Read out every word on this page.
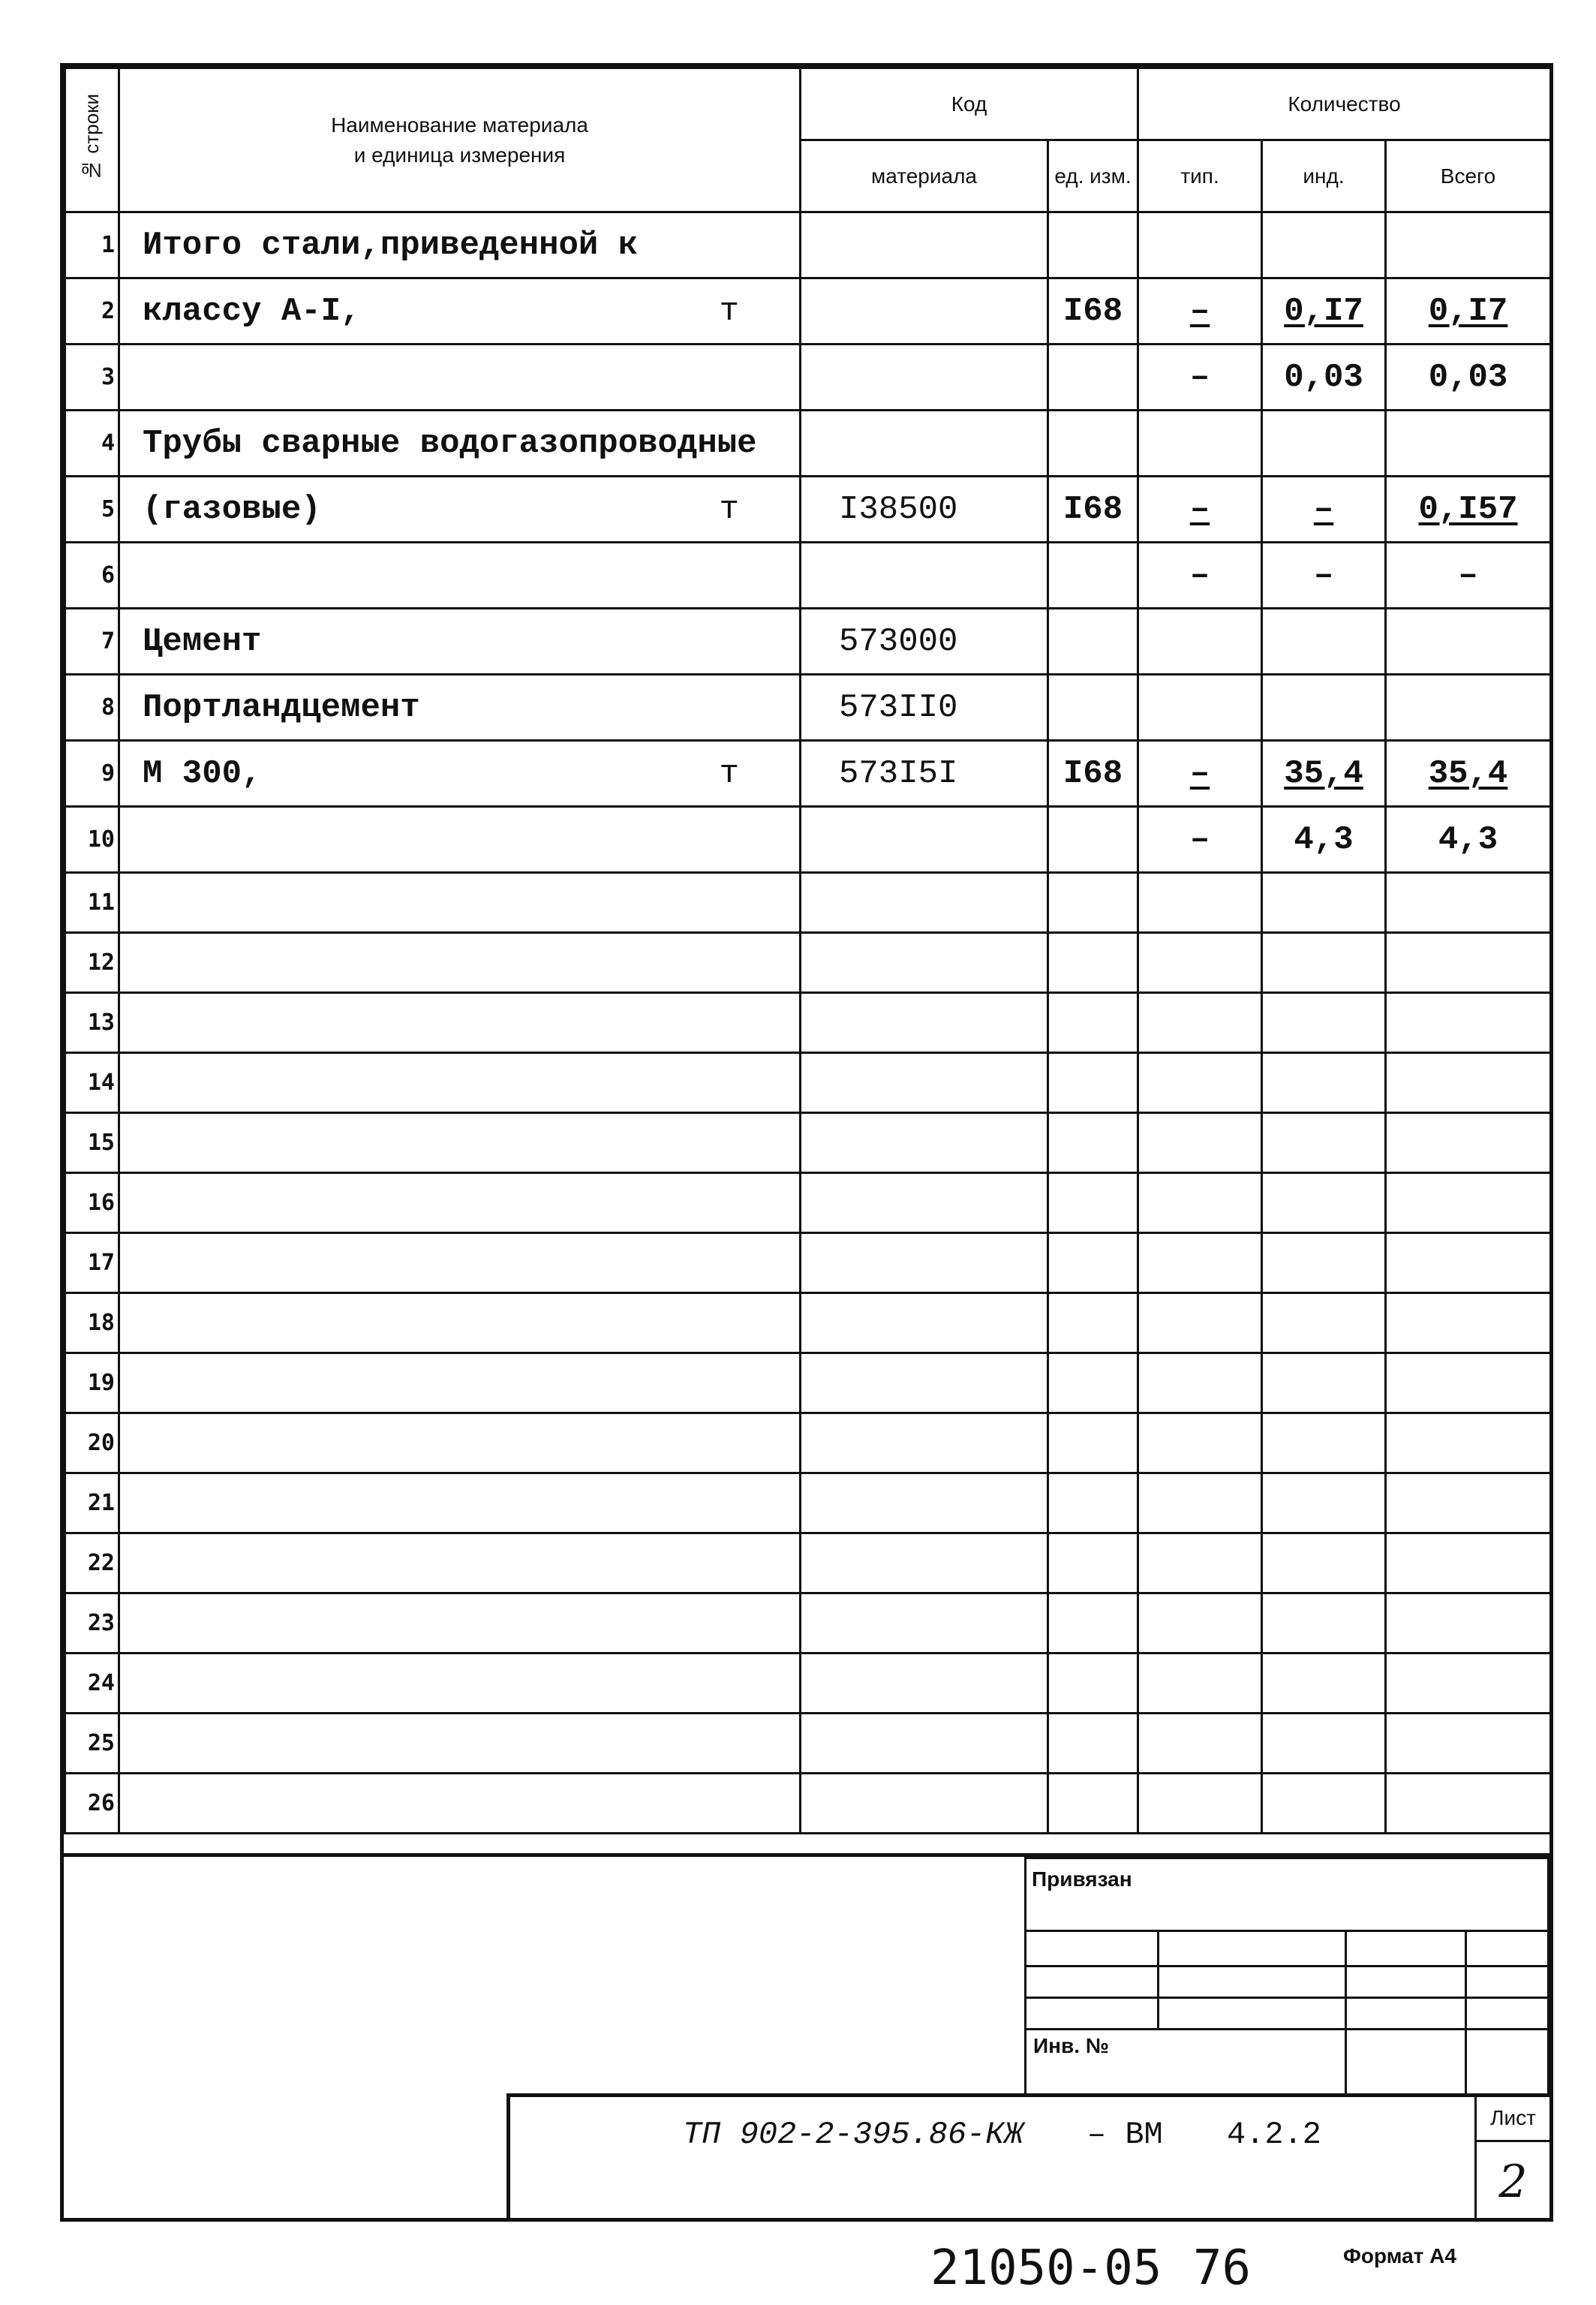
№ строки	Наименование материала
и единица измерения	Код		Количество		
		материала	ед. изм.	тип.	инд.	Всего
1	Итого стали,приведенной к					
2	классу А-I, т		I68	–	0,I7	0,I7
3				–	0,03	0,03
4	Трубы сварные водогазопроводные					
5	(газовые) т	I38500	I68	–	–	0,I57
6				–	–	–
7	Цемент	573000				
8	Портландцемент	573II0				
9	М 300, т	573I5I	I68	–	35,4	35,4
10				–	4,3	4,3
11						
12						
13						
14						
15						
16						
17						
18						
19						
20						
21						
22						
23						
24						
25						
26						
Привязан
Инв. №
ТП 902-2-395.86-КЖ – ВМ 4.2.2	Лист
2
21050-05 76	Формат А4
